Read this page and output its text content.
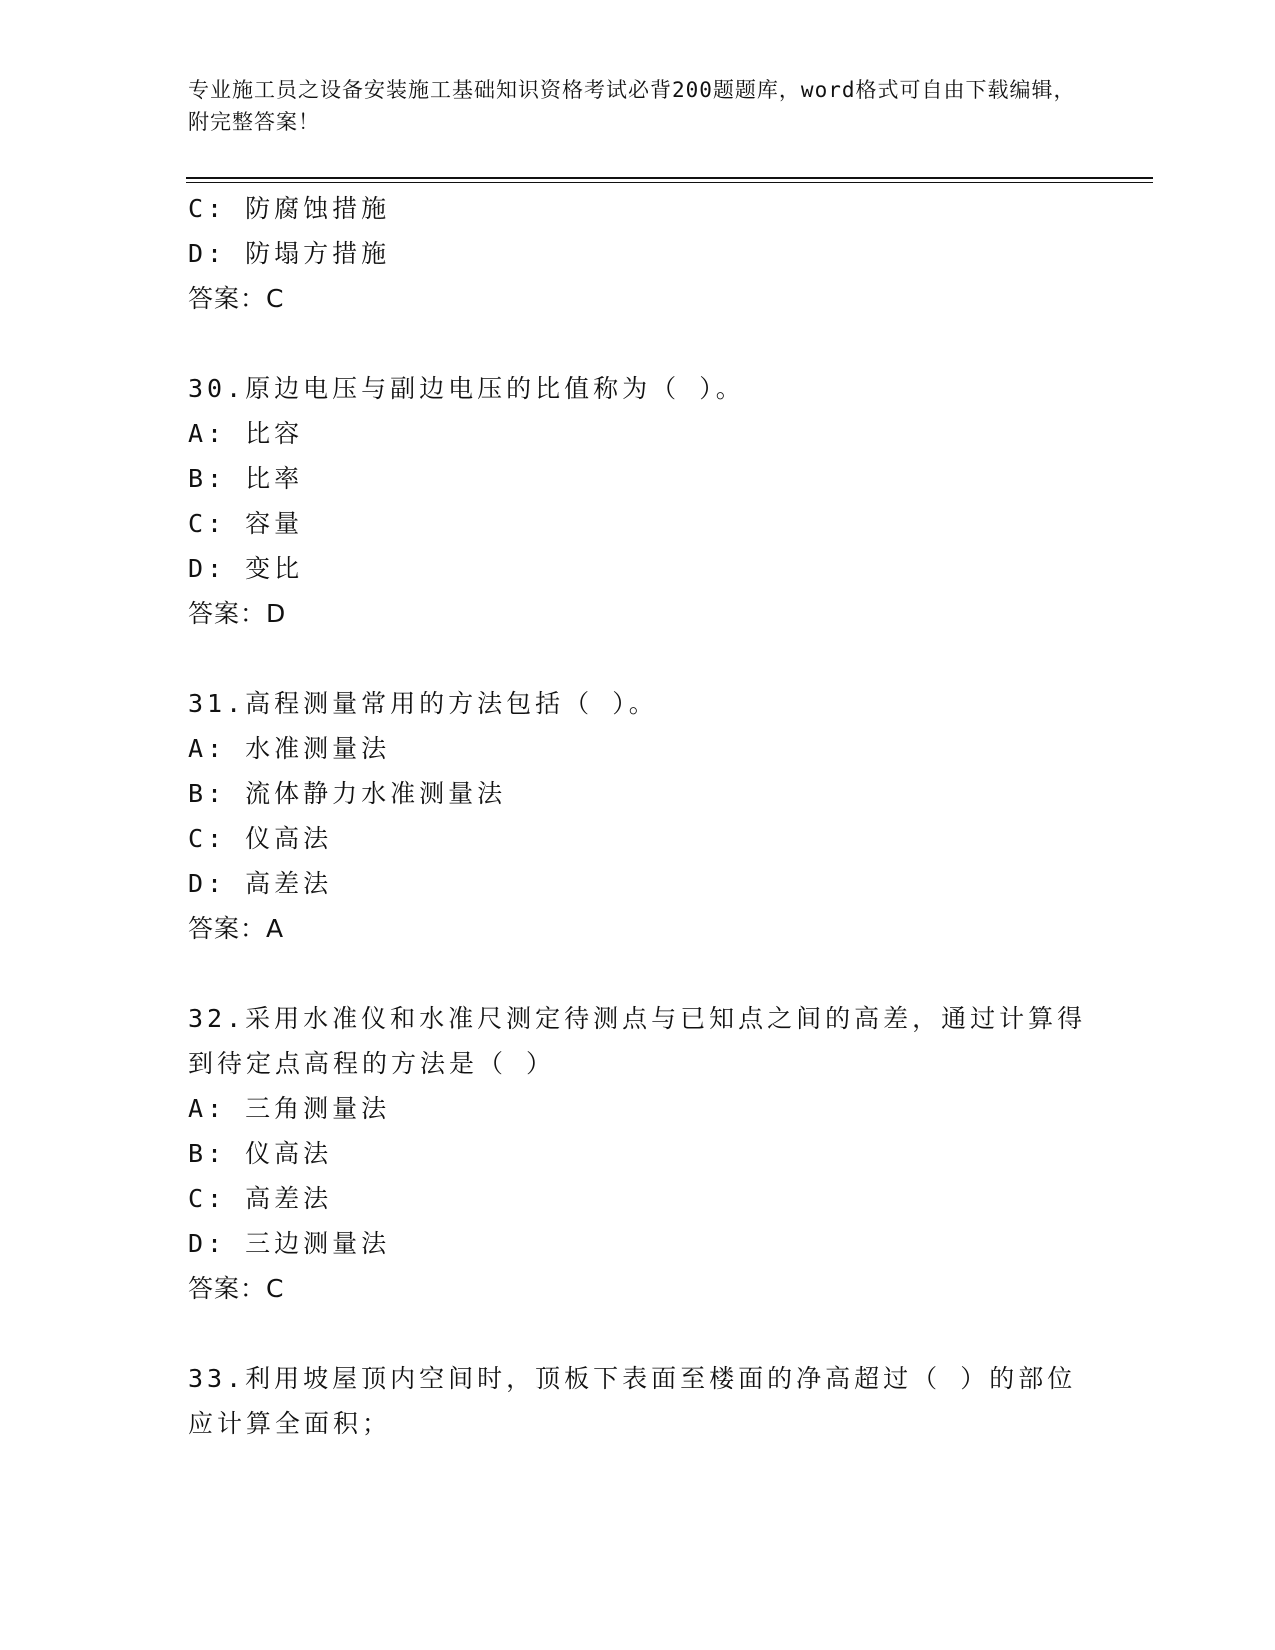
专业施工员之设备安装施工基础知识资格考试必背200题题库，word格式可自由下载编辑，附完整答案！
C: 防腐蚀措施
D: 防塌方措施
答案：C
30.原边电压与副边电压的比值称为（ ）。
A: 比容
B: 比率
C: 容量
D: 变比
答案：D
31.高程测量常用的方法包括（ ）。
A: 水准测量法
B: 流体静力水准测量法
C: 仪高法
D: 高差法
答案：A
32.采用水准仪和水准尺测定待测点与已知点之间的高差，通过计算得
到待定点高程的方法是（ ）
A: 三角测量法
B: 仪高法
C: 高差法
D: 三边测量法
答案：C
33.利用坡屋顶内空间时，顶板下表面至楼面的净高超过（ ）的部位
应计算全面积；
